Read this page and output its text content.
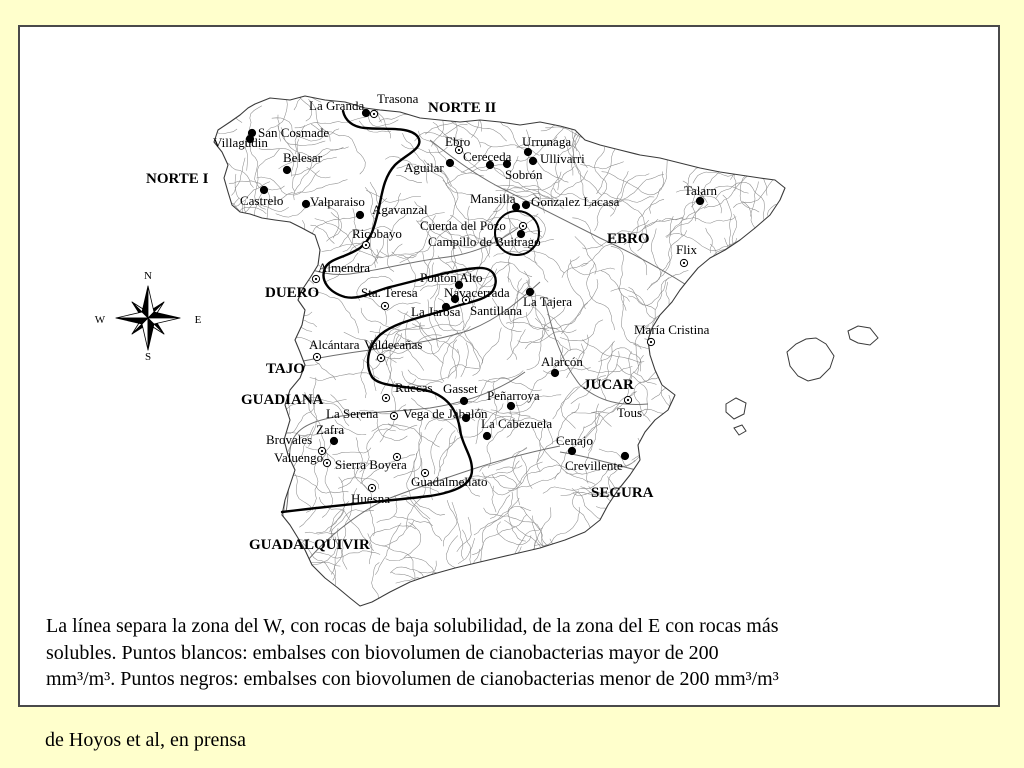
N
S
W	E
La Granda Trasona
San Cosmade
Villagudin
Belesar
Ebro	Urrunaga
Cereceda Ullivarri
Aguilar	Sobrón
Castrelo Valparaiso
Agavanzal
Mansilla Gonzalez Lacasa
Talarn
Cuerda del Pozo
Ricobayo
Campillo de Buitrago
Flix
Almendra
Pontón Alto
Sta. Teresa Navacerrada
La Tajera
La Jarosa Santillana
María Cristina
Alcántara Valdecañas
Alarcón
Ruecas Gasset Peñarroya
Tous
La Serena Vega de Jabalón
La Cabezuela
Zafra
Brovales	Cenajo
Valuengo Sierra Boyera	Crevillente
Guadalmellato
Huesna
NORTE I
NORTE II
DUERO
EBRO
TAJO
GUADIANA
JUCAR
SEGURA
GUADALQUIVIR
La línea separa la zona del W, con rocas de baja solubilidad, de la zona del E con rocas más
solubles. Puntos blancos: embalses con biovolumen de cianobacterias mayor de 200
mm³/m³. Puntos negros: embalses con biovolumen de cianobacterias menor de 200 mm³/m³
de Hoyos et al, en prensa
